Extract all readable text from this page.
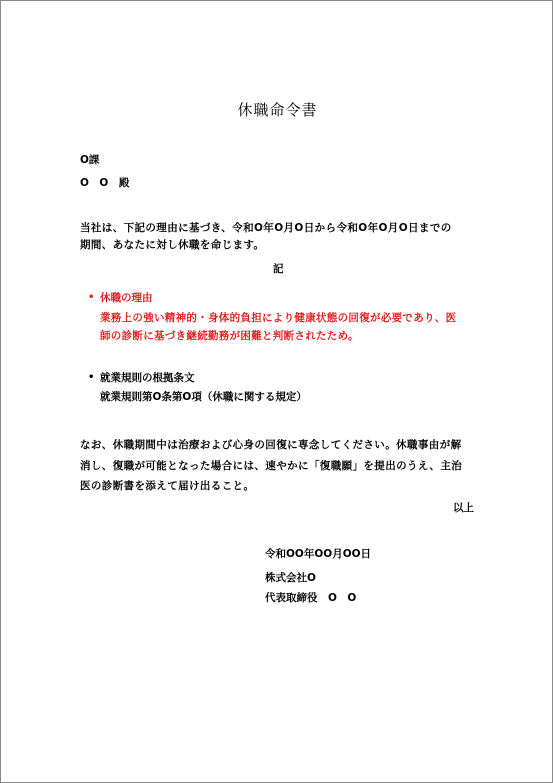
休職命令書
O課
O　O　殿
当社は、下記の理由に基づき、令和O年O月O日から令和O年O月O日までの
期間、あなたに対し休職を命じます。
記
• 休職の理由
業務上の強い精神的・身体的負担により健康状態の回復が必要であり、医
師の診断に基づき継続勤務が困難と判断されたため。
• 就業規則の根拠条文
就業規則第O条第O項（休職に関する規定）
なお、休職期間中は治療および心身の回復に専念してください。休職事由が解
消し、復職が可能となった場合には、速やかに「復職願」を提出のうえ、主治
医の診断書を添えて届け出ること。
以上
令和OO年OO月OO日
株式会社O
代表取締役　O　O
